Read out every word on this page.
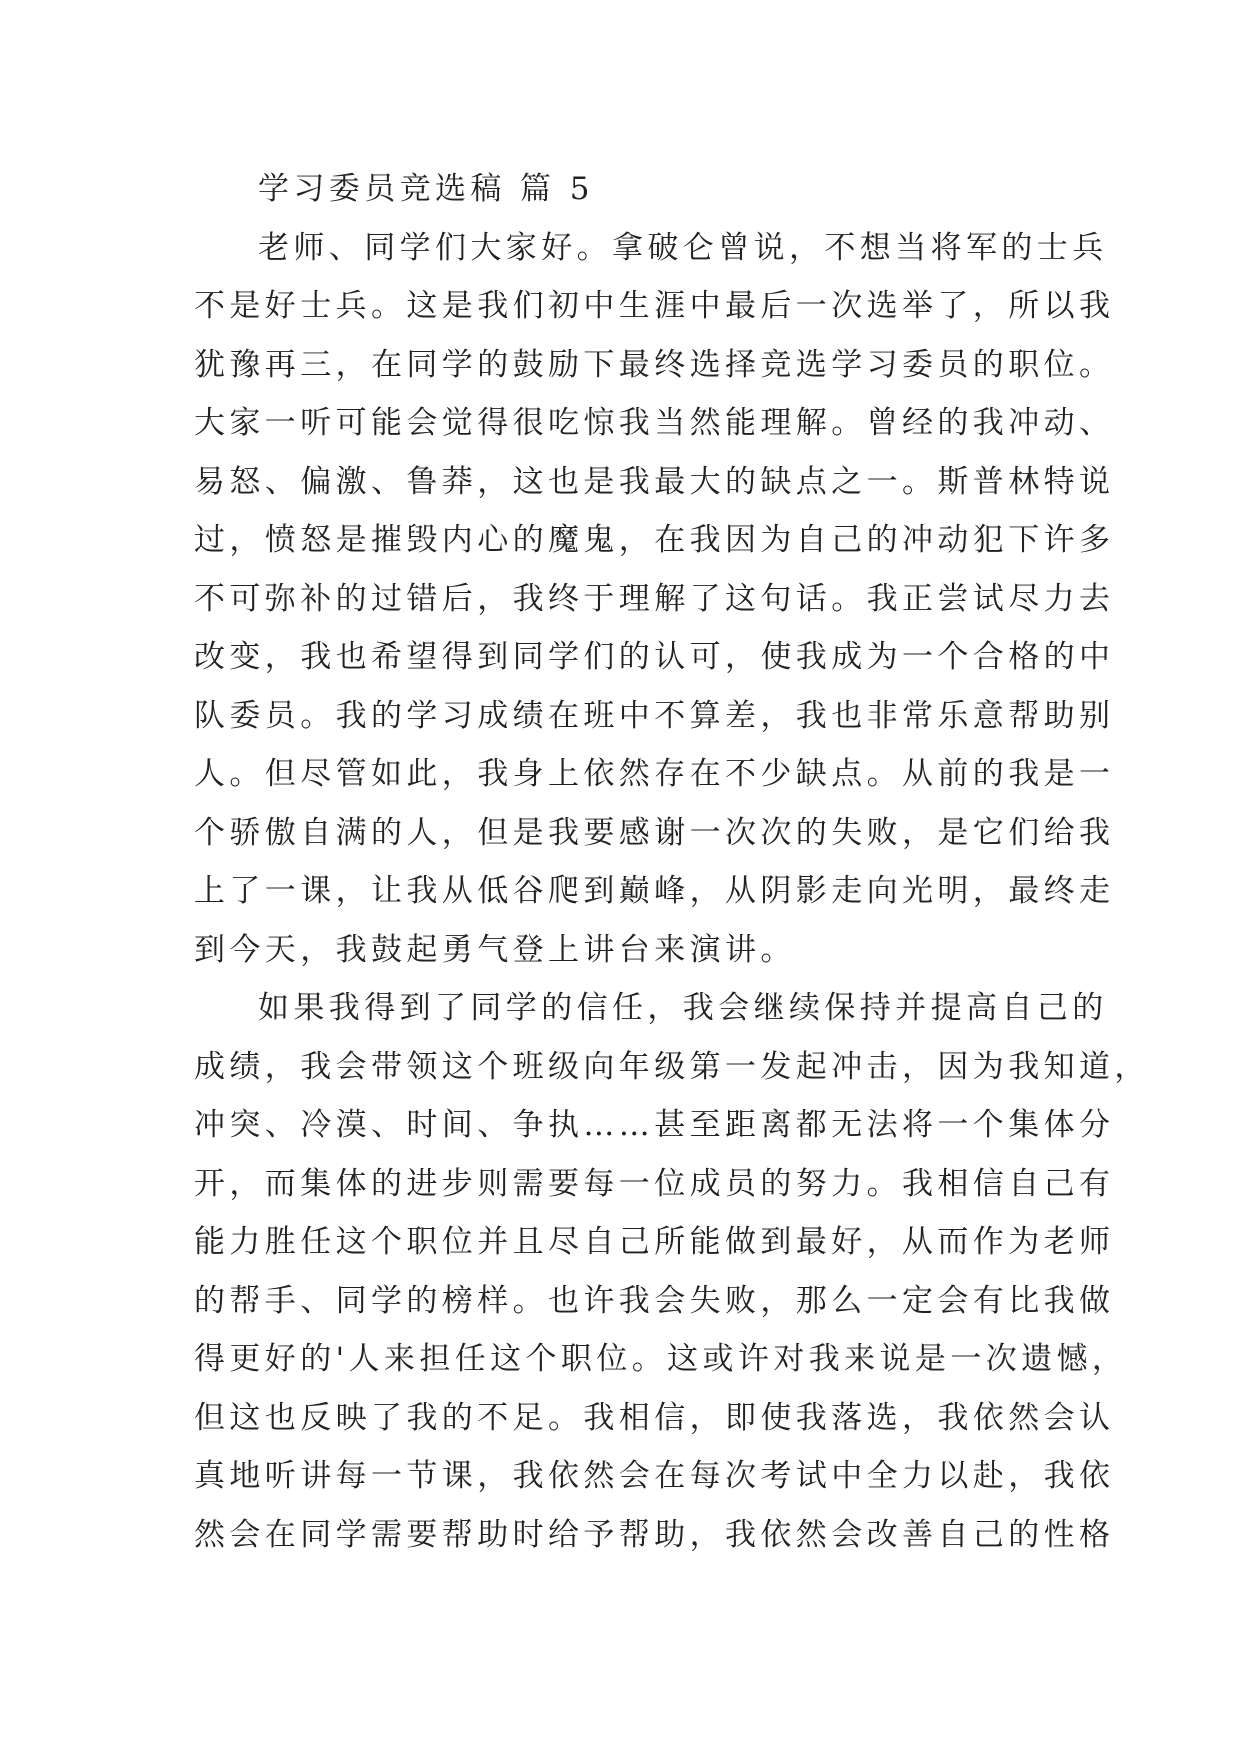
学习委员竞选稿 篇 5
老师、同学们大家好。拿破仑曾说，不想当将军的士兵
不是好士兵。这是我们初中生涯中最后一次选举了，所以我
犹豫再三，在同学的鼓励下最终选择竞选学习委员的职位。
大家一听可能会觉得很吃惊我当然能理解。曾经的我冲动、
易怒、偏激、鲁莽，这也是我最大的缺点之一。斯普林特说
过，愤怒是摧毁内心的魔鬼，在我因为自己的冲动犯下许多
不可弥补的过错后，我终于理解了这句话。我正尝试尽力去
改变，我也希望得到同学们的认可，使我成为一个合格的中
队委员。我的学习成绩在班中不算差，我也非常乐意帮助别
人。但尽管如此，我身上依然存在不少缺点。从前的我是一
个骄傲自满的人，但是我要感谢一次次的失败，是它们给我
上了一课，让我从低谷爬到巅峰，从阴影走向光明，最终走
到今天，我鼓起勇气登上讲台来演讲。
如果我得到了同学的信任，我会继续保持并提高自己的
成绩，我会带领这个班级向年级第一发起冲击，因为我知道，
冲突、冷漠、时间、争执……甚至距离都无法将一个集体分
开，而集体的进步则需要每一位成员的努力。我相信自己有
能力胜任这个职位并且尽自己所能做到最好，从而作为老师
的帮手、同学的榜样。也许我会失败，那么一定会有比我做
得更好的'人来担任这个职位。这或许对我来说是一次遗憾，
但这也反映了我的不足。我相信，即使我落选，我依然会认
真地听讲每一节课，我依然会在每次考试中全力以赴，我依
然会在同学需要帮助时给予帮助，我依然会改善自己的性格
